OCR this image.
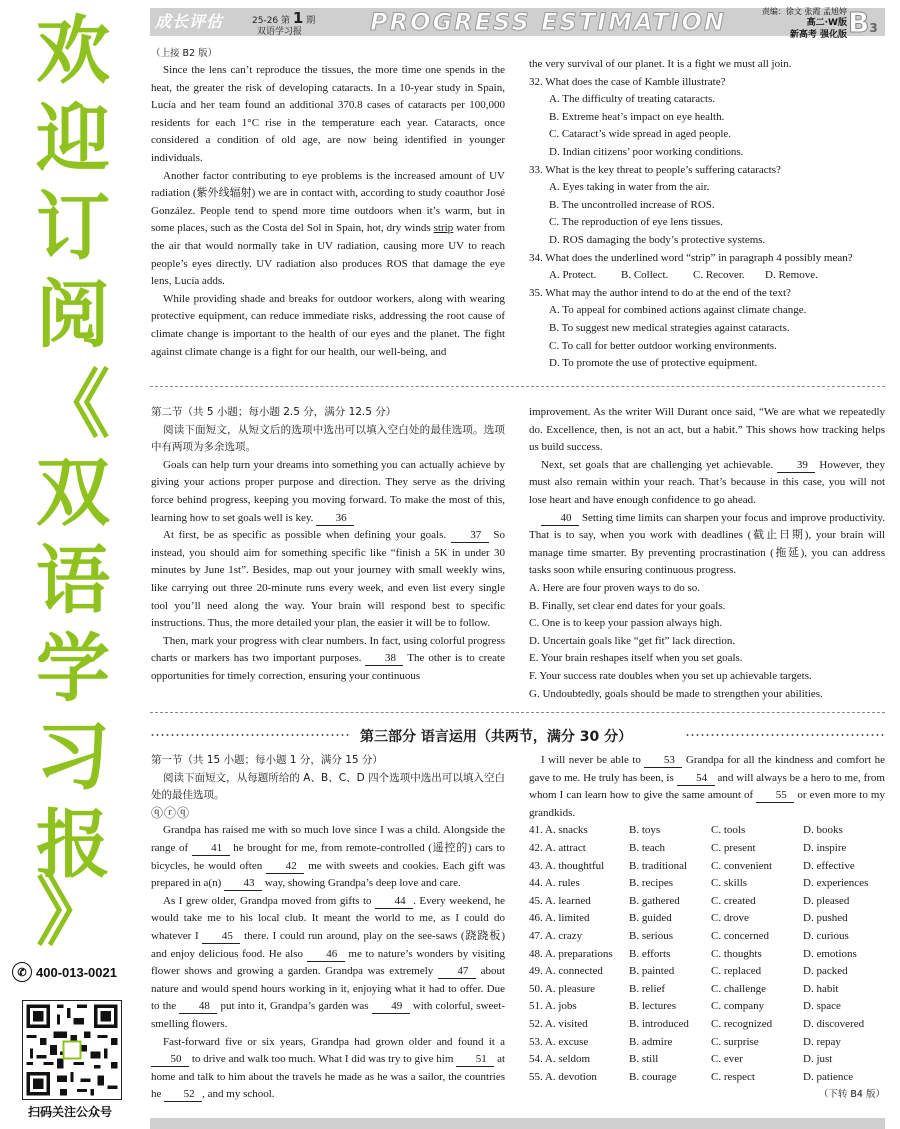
欢
迎
订
阅
《
双
语
学
习
报
》
✆ 400-013-0021
扫码关注公众号
成长评估	25-26 第 1 期
双语学习报	PROGRESS ESTIMATION	责编：徐文 张霞 孟旭婷
高二·W版
新高考 强化版 B3

（上接 B2 版）

Since the lens can’t reproduce the tissues, the more time one spends in the heat, the greater the risk of developing cataracts. In a 10-year study in Spain, Lucía and her team found an additional 370.8 cases of cataracts per 100,000 residents for each 1°C rise in the temperature each year. Cataracts, once considered a condition of old age, are now being identified in younger individuals.

Another factor contributing to eye problems is the increased amount of UV radiation (紫外线辐射) we are in contact with, according to study coauthor José González. People tend to spend more time outdoors when it’s warm, but in some places, such as the Costa del Sol in Spain, hot, dry winds strip water from the air that would normally take in UV radiation, causing more UV to reach people’s eyes directly. UV radiation also produces ROS that damage the eye lens, Lucía adds.

While providing shade and breaks for outdoor workers, along with wearing protective equipment, can reduce immediate risks, addressing the root cause of climate change is important to the health of our eyes and the planet. The fight against climate change is a fight for our health, our well-being, and

the very survival of our planet. It is a fight we must all join.

32. What does the case of Kamble illustrate?

A. The difficulty of treating cataracts.

B. Extreme heat’s impact on eye health.

C. Cataract’s wide spread in aged people.

D. Indian citizens’ poor working conditions.

33. What is the key threat to people’s suffering cataracts?

A. Eyes taking in water from the air.

B. The uncontrolled increase of ROS.

C. The reproduction of eye lens tissues.

D. ROS damaging the body’s protective systems.

34. What does the underlined word “strip” in paragraph 4 possibly mean?

A. Protect.	B. Collect.	C. Recover.	D. Remove.

35. What may the author intend to do at the end of the text?

A. To appeal for combined actions against climate change.

B. To suggest new medical strategies against cataracts.

C. To call for better outdoor working environments.

D. To promote the use of protective equipment.

第二节（共 5 小题；每小题 2.5 分，满分 12.5 分）

阅读下面短文，从短文后的选项中选出可以填入空白处的最佳选项。选项中有两项为多余选项。

Goals can help turn your dreams into something you can actually achieve by giving your actions proper purpose and direction. They serve as the driving force behind progress, keeping you moving forward. To make the most of this, learning how to set goals well is key. 36

At first, be as specific as possible when defining your goals. 37 So instead, you should aim for something specific like “finish a 5K in under 30 minutes by June 1st”. Besides, map out your journey with small weekly wins, like carrying out three 20-minute runs every week, and even list every single tool you’ll need along the way. Your brain will respond best to specific instructions. Thus, the more detailed your plan, the easier it will be to follow.

Then, mark your progress with clear numbers. In fact, using colorful progress charts or markers has two important purposes. 38 The other is to create opportunities for timely correction, ensuring your continuous

improvement. As the writer Will Durant once said, “We are what we repeatedly do. Excellence, then, is not an act, but a habit.” This shows how tracking helps us build success.

Next, set goals that are challenging yet achievable. 39 However, they must also remain within your reach. That’s because in this case, you will not lose heart and have enough confidence to go ahead.

40 Setting time limits can sharpen your focus and improve productivity. That is to say, when you work with deadlines (截止日期), your brain will manage time smarter. By preventing procrastination (拖延), you can address tasks soon while ensuring continuous progress.

A. Here are four proven ways to do so.

B. Finally, set clear end dates for your goals.

C. One is to keep your passion always high.

D. Uncertain goals like “get fit” lack direction.

E. Your brain reshapes itself when you set goals.

F. Your success rate doubles when you set up achievable targets.

G. Undoubtedly, goals should be made to strengthen your abilities.

第三部分 语言运用（共两节，满分 30 分）

第一节（共 15 小题；每小题 1 分，满分 15 分）

阅读下面短文，从每题所给的 A、B、C、D 四个选项中选出可以填入空白处的最佳选项。

ⓠⓡⓠ

Grandpa has raised me with so much love since I was a child. Alongside the range of 41 he brought for me, from remote-controlled (遥控的) cars to bicycles, he would often 42 me with sweets and cookies. Each gift was prepared in a(n) 43 way, showing Grandpa’s deep love and care.

As I grew older, Grandpa moved from gifts to 44 . Every weekend, he would take me to his local club. It meant the world to me, as I could do whatever I 45 there. I could run around, play on the see-saws (跷跷板) and enjoy delicious food. He also 46 me to nature’s wonders by visiting flower shows and growing a garden. Grandpa was extremely 47 about nature and would spend hours working in it, enjoying what it had to offer. Due to the 48 put into it, Grandpa’s garden was 49 with colorful, sweet-smelling flowers.

Fast-forward five or six years, Grandpa had grown older and found it a 50 to drive and walk too much. What I did was try to give him 51 at home and talk to him about the travels he made as he was a sailor, the countries he 52 , and my school.

I will never be able to 53 Grandpa for all the kindness and comfort he gave to me. He truly has been, is 54 and will always be a hero to me, from whom I can learn how to give the same amount of 55 or even more to my grandkids.

41. A. snacks	B. toys	C. tools	D. books
42. A. attract	B. teach	C. present	D. inspire
43. A. thoughtful	B. traditional	C. convenient	D. effective
44. A. rules	B. recipes	C. skills	D. experiences
45. A. learned	B. gathered	C. created	D. pleased
46. A. limited	B. guided	C. drove	D. pushed
47. A. crazy	B. serious	C. concerned	D. curious
48. A. preparations	B. efforts	C. thoughts	D. emotions
49. A. connected	B. painted	C. replaced	D. packed
50. A. pleasure	B. relief	C. challenge	D. habit
51. A. jobs	B. lectures	C. company	D. space
52. A. visited	B. introduced	C. recognized	D. discovered
53. A. excuse	B. admire	C. surprise	D. repay
54. A. seldom	B. still	C. ever	D. just
55. A. devotion	B. courage	C. respect	D. patience

（下转 B4 版）
